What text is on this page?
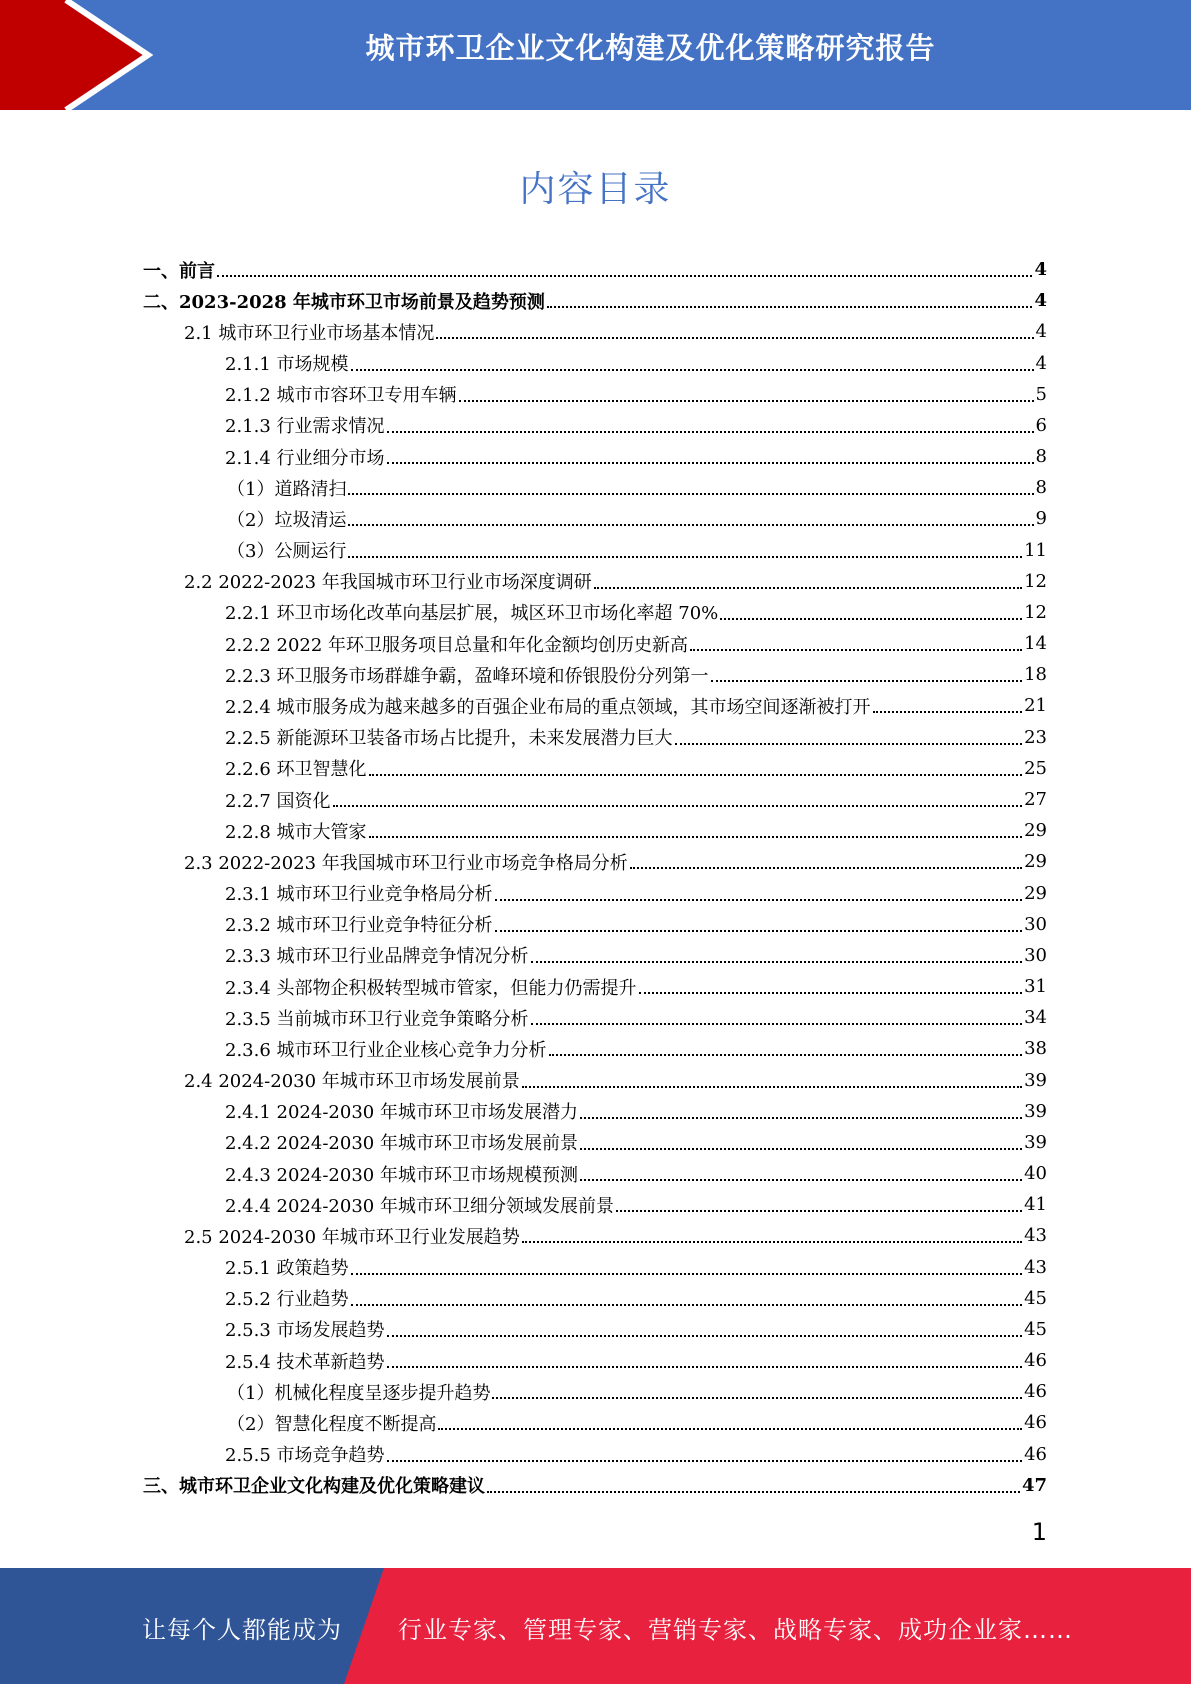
城市环卫企业文化构建及优化策略研究报告
内容目录
一、前言	4
二、2023-2028 年城市环卫市场前景及趋势预测	4
2.1 城市环卫行业市场基本情况	4
2.1.1 市场规模	4
2.1.2 城市市容环卫专用车辆	5
2.1.3 行业需求情况	6
2.1.4 行业细分市场	8
（1）道路清扫	8
（2）垃圾清运	9
（3）公厕运行	11
2.2 2022-2023 年我国城市环卫行业市场深度调研	12
2.2.1 环卫市场化改革向基层扩展，城区环卫市场化率超 70%	12
2.2.2 2022 年环卫服务项目总量和年化金额均创历史新高	14
2.2.3 环卫服务市场群雄争霸，盈峰环境和侨银股份分列第一	18
2.2.4 城市服务成为越来越多的百强企业布局的重点领域，其市场空间逐渐被打开	21
2.2.5 新能源环卫装备市场占比提升，未来发展潜力巨大	23
2.2.6 环卫智慧化	25
2.2.7 国资化	27
2.2.8 城市大管家	29
2.3 2022-2023 年我国城市环卫行业市场竞争格局分析	29
2.3.1 城市环卫行业竞争格局分析	29
2.3.2 城市环卫行业竞争特征分析	30
2.3.3 城市环卫行业品牌竞争情况分析	30
2.3.4 头部物企积极转型城市管家，但能力仍需提升	31
2.3.5 当前城市环卫行业竞争策略分析	34
2.3.6 城市环卫行业企业核心竞争力分析	38
2.4 2024-2030 年城市环卫市场发展前景	39
2.4.1 2024-2030 年城市环卫市场发展潜力	39
2.4.2 2024-2030 年城市环卫市场发展前景	39
2.4.3 2024-2030 年城市环卫市场规模预测	40
2.4.4 2024-2030 年城市环卫细分领域发展前景	41
2.5 2024-2030 年城市环卫行业发展趋势	43
2.5.1 政策趋势	43
2.5.2 行业趋势	45
2.5.3 市场发展趋势	45
2.5.4 技术革新趋势	46
（1）机械化程度呈逐步提升趋势	46
（2）智慧化程度不断提高	46
2.5.5 市场竞争趋势	46
三、城市环卫企业文化构建及优化策略建议	47
1
让每个人都能成为 行业专家、管理专家、营销专家、战略专家、成功企业家……
